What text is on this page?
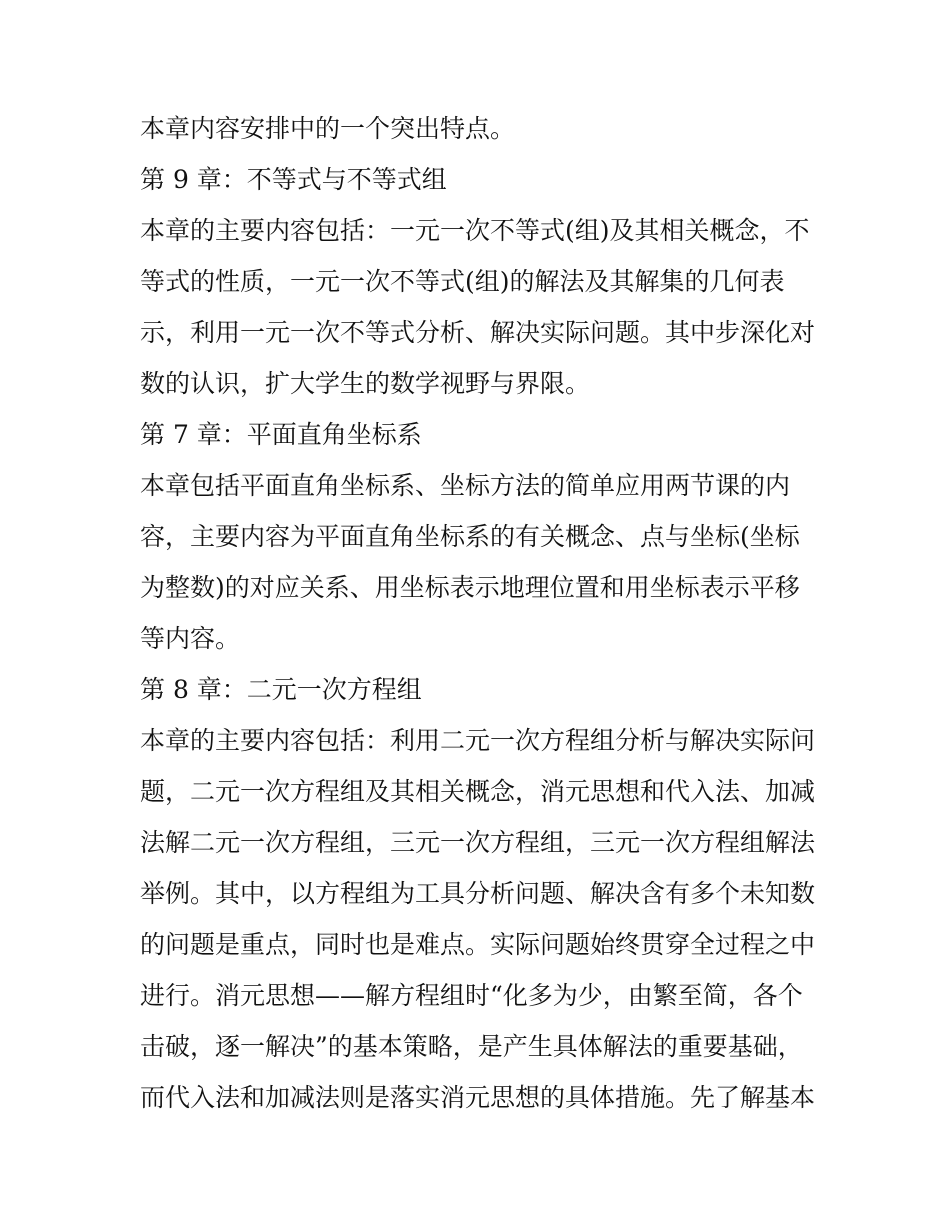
本章内容安排中的一个突出特点。
第 9 章：不等式与不等式组
本章的主要内容包括：一元一次不等式(组)及其相关概念，不
等式的性质，一元一次不等式(组)的解法及其解集的几何表
示，利用一元一次不等式分析、解决实际问题。其中步深化对
数的认识，扩大学生的数学视野与界限。
第 7 章：平面直角坐标系
本章包括平面直角坐标系、坐标方法的简单应用两节课的内
容，主要内容为平面直角坐标系的有关概念、点与坐标(坐标
为整数)的对应关系、用坐标表示地理位置和用坐标表示平移
等内容。
第 8 章：二元一次方程组
本章的主要内容包括：利用二元一次方程组分析与解决实际问
题，二元一次方程组及其相关概念，消元思想和代入法、加减
法解二元一次方程组，三元一次方程组，三元一次方程组解法
举例。其中，以方程组为工具分析问题、解决含有多个未知数
的问题是重点，同时也是难点。实际问题始终贯穿全过程之中
进行。消元思想——解方程组时“化多为少，由繁至简，各个
击破，逐一解决”的基本策略，是产生具体解法的重要基础，
而代入法和加减法则是落实消元思想的具体措施。先了解基本
